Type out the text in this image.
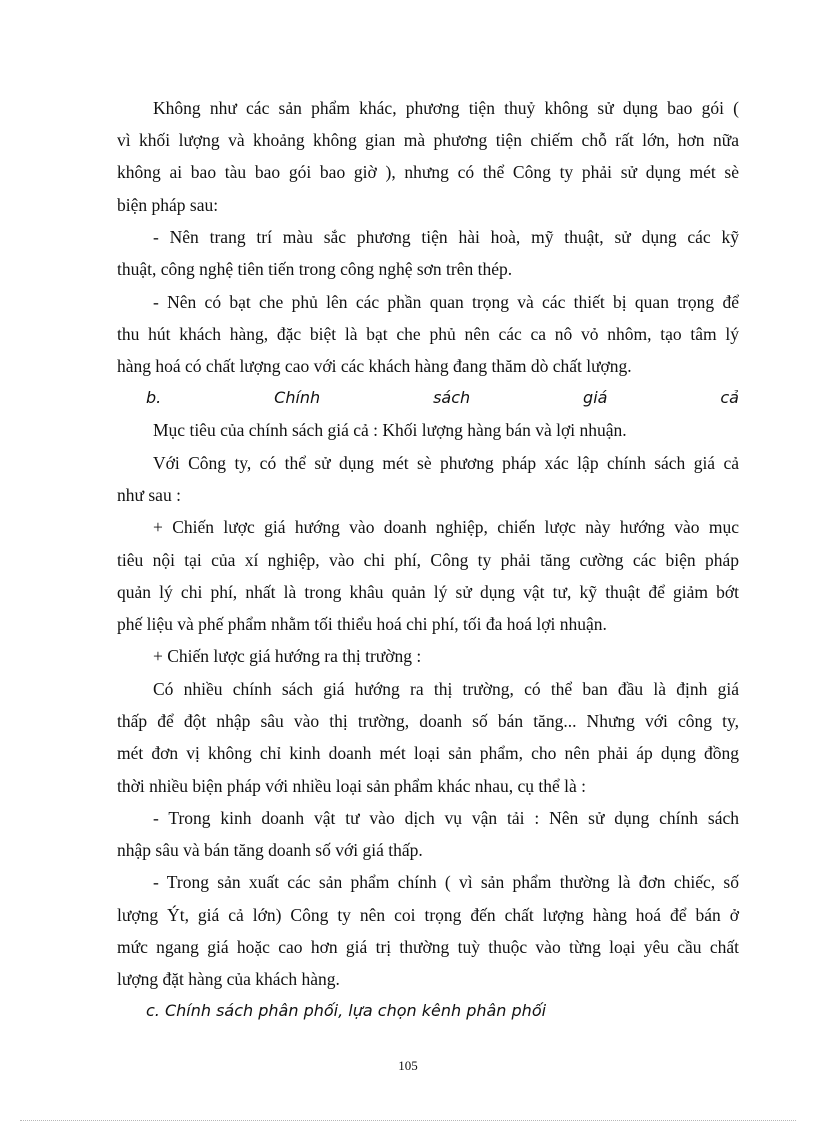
Không như các sản phẩm khác, phương tiện thuỷ không sử dụng bao gói (
vì khối lượng và khoảng không gian mà phương tiện chiếm chỗ rất lớn, hơn nữa
không ai bao tàu bao gói bao giờ ), nhưng có thể Công ty phải sử dụng mét sè
biện pháp sau:
- Nên trang trí màu sắc phương tiện hài hoà, mỹ thuật, sử dụng các kỹ
thuật, công nghệ tiên tiến trong công nghệ sơn trên thép.
- Nên có bạt che phủ lên các phần quan trọng và các thiết bị quan trọng để
thu hút khách hàng, đặc biệt là bạt che phủ nên các ca nô vỏ nhôm, tạo tâm lý
hàng hoá có chất lượng cao với các khách hàng đang thăm dò chất lượng.
b.	Chính	sách	giá	cả
Mục tiêu của chính sách giá cả : Khối lượng hàng bán và lợi nhuận.
Với Công ty, có thể sử dụng mét sè phương pháp xác lập chính sách giá cả
như sau :
+ Chiến lược giá hướng vào doanh nghiệp, chiến lược này hướng vào mục
tiêu nội tại của xí nghiệp, vào chi phí, Công ty phải tăng cường các biện pháp
quản lý chi phí, nhất là trong khâu quản lý sử dụng vật tư, kỹ thuật để giảm bớt
phế liệu và phế phẩm nhằm tối thiểu hoá chi phí, tối đa hoá lợi nhuận.
+ Chiến lược giá hướng ra thị trường :
Có nhiều chính sách giá hướng ra thị trường, có thể ban đầu là định giá
thấp để đột nhập sâu vào thị trường, doanh số bán tăng... Nhưng với công ty,
mét đơn vị không chỉ kinh doanh mét loại sản phẩm, cho nên phải áp dụng đồng
thời nhiều biện pháp với nhiều loại sản phẩm khác nhau, cụ thể là :
- Trong kinh doanh vật tư vào dịch vụ vận tải : Nên sử dụng chính sách
nhập sâu và bán tăng doanh số với giá thấp.
- Trong sản xuất các sản phẩm chính ( vì sản phẩm thường là đơn chiếc, số
lượng Ýt, giá cả lớn) Công ty nên coi trọng đến chất lượng hàng hoá để bán ở
mức ngang giá hoặc cao hơn giá trị thường tuỳ thuộc vào từng loại yêu cầu chất
lượng đặt hàng của khách hàng.
c. Chính sách phân phối, lựa chọn kênh phân phối
105
